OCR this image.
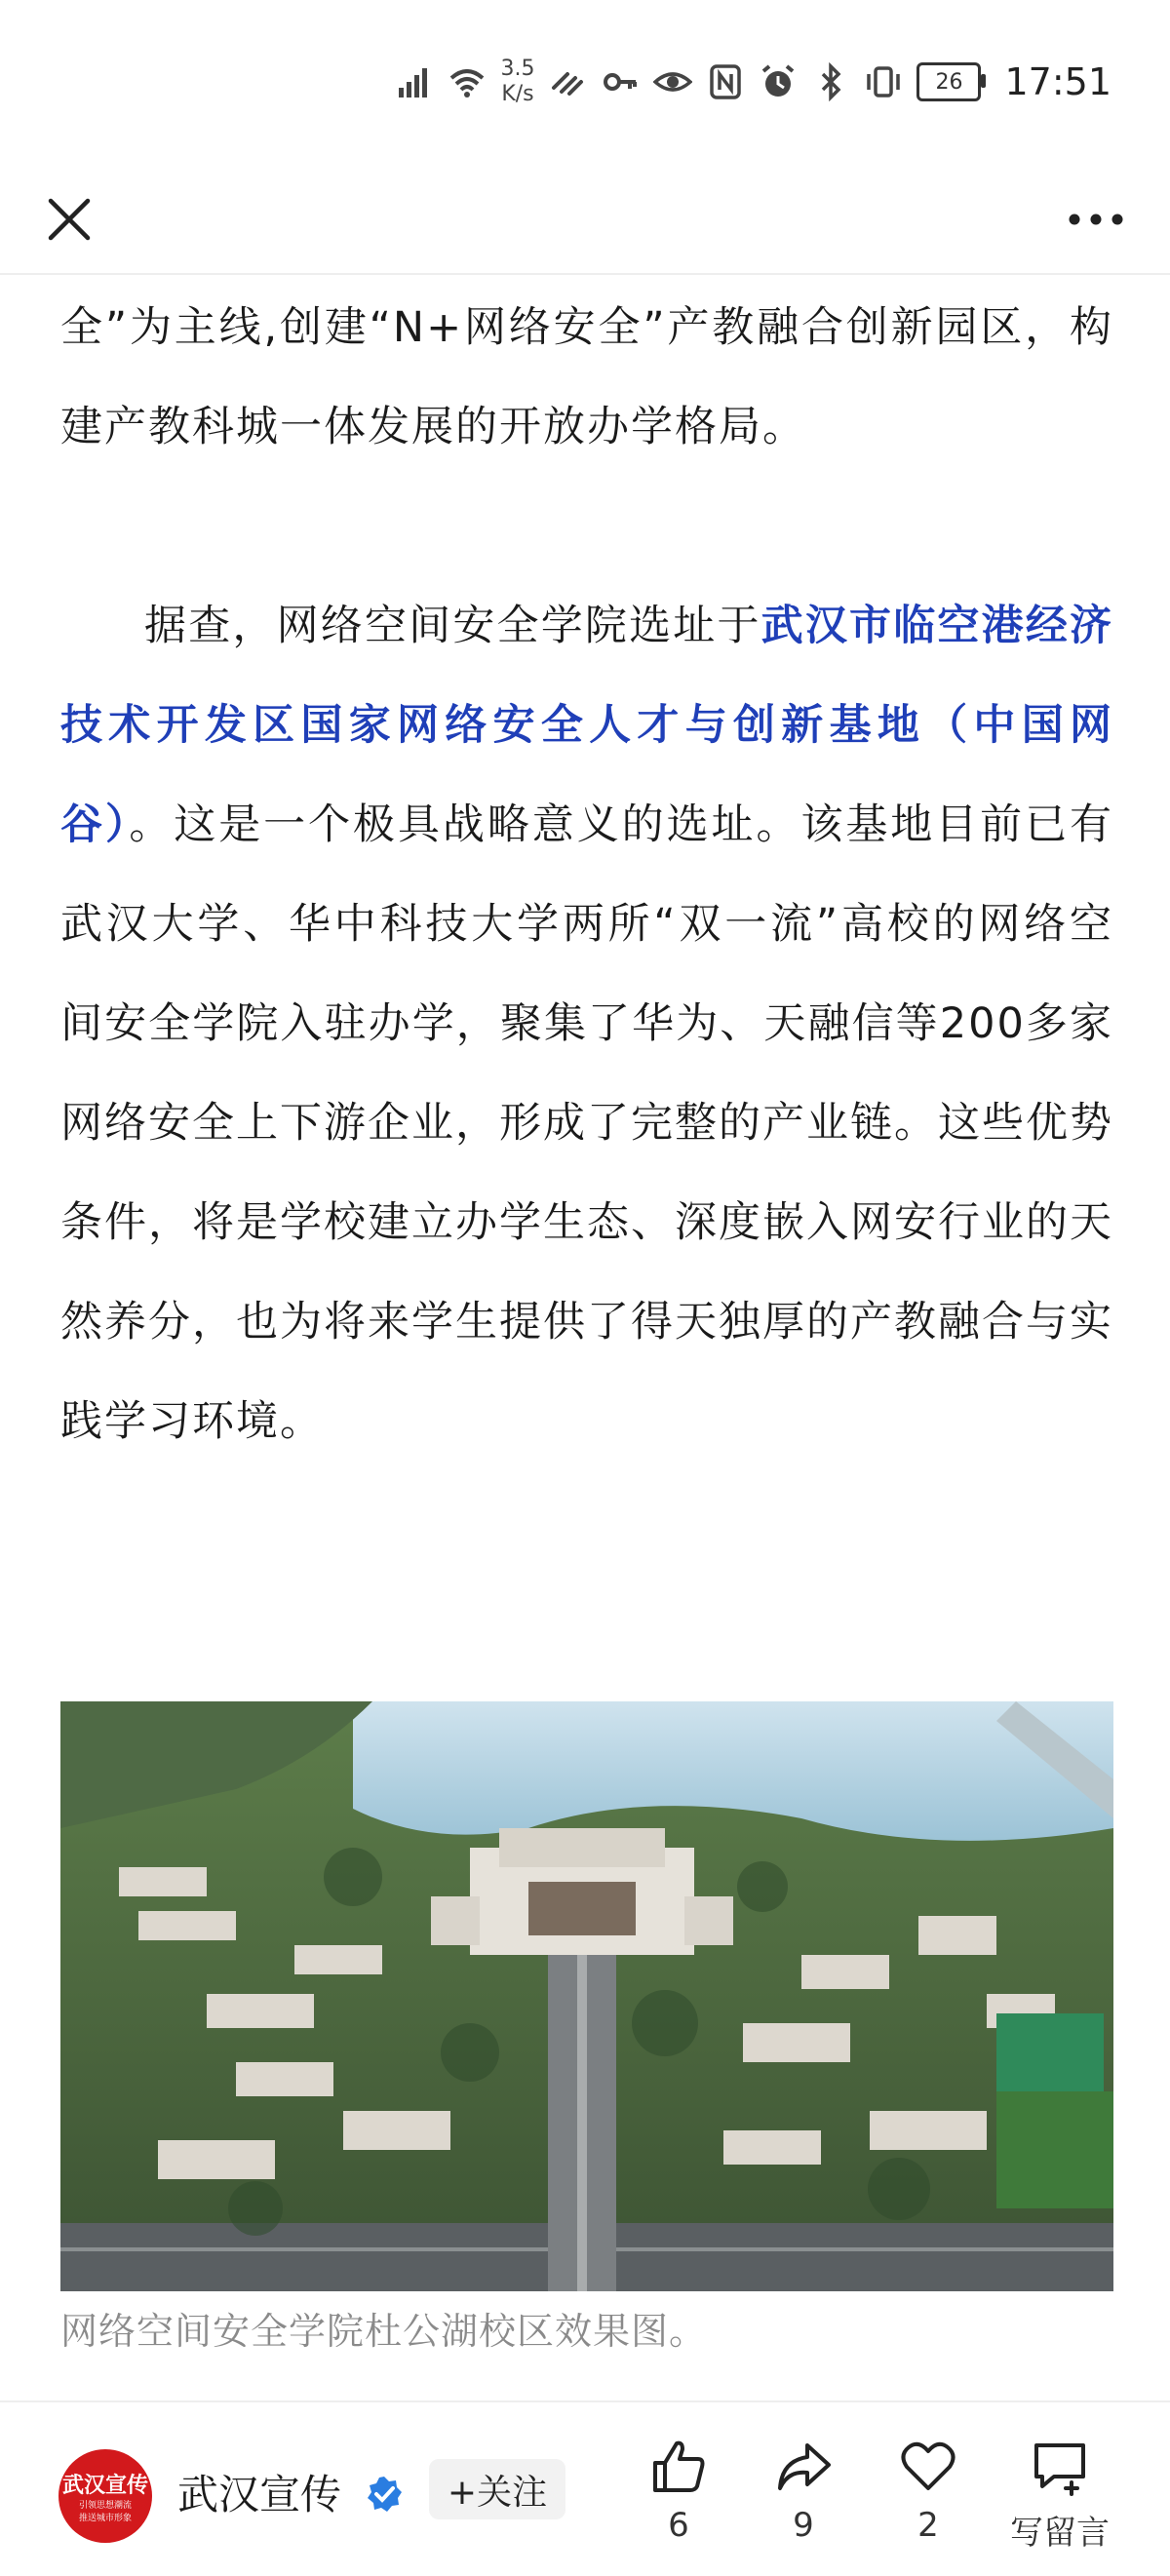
3.5
K/s	26 17:51

全”为主线,创建“N+网络安全”产教融合创新园区，构建产教科城一体发展的开放办学格局。

据查，网络空间安全学院选址于武汉市临空港经济技术开发区国家网络安全人才与创新基地（中国网谷）。这是一个极具战略意义的选址。该基地目前已有武汉大学、华中科技大学两所“双一流”高校的网络空间安全学院入驻办学，聚集了华为、天融信等200多家网络安全上下游企业，形成了完整的产业链。这些优势条件，将是学校建立办学生态、深度嵌入网安行业的天然养分，也为将来学生提供了得天独厚的产教融合与实践学习环境。

网络空间安全学院杜公湖校区效果图。
武汉宣传
引领思想潮流
推送城市形象 武汉宣传	+关注
6	9	2	写留言
